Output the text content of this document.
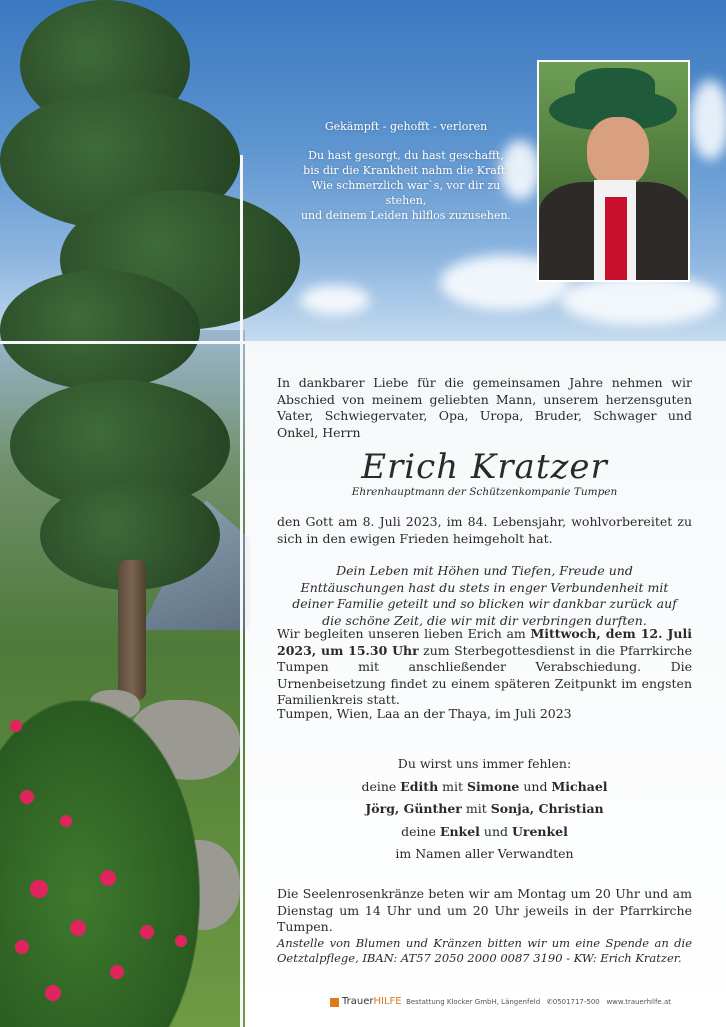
Gekämpft - gehofft - verloren
Du hast gesorgt, du hast geschafft,
bis dir die Krankheit nahm die Kraft.
Wie schmerzlich war`s, vor dir zu stehen,
und deinem Leiden hilflos zuzusehen.
In dankbarer Liebe für die gemeinsamen Jahre nehmen wir Abschied von meinem geliebten Mann, unserem herzensguten Vater, Schwiegervater, Opa, Uropa, Bruder, Schwager und Onkel, Herrn
Erich Kratzer
Ehrenhauptmann der Schützenkompanie Tumpen
den Gott am 8. Juli 2023, im 84. Lebensjahr, wohlvorbereitet zu sich in den ewigen Frieden heimgeholt hat.
Dein Leben mit Höhen und Tiefen, Freude und Enttäuschungen hast du stets in enger Verbundenheit mit deiner Familie geteilt und so blicken wir dankbar zurück auf die schöne Zeit, die wir mit dir verbringen durften.
Wir begleiten unseren lieben Erich am Mittwoch, dem 12. Juli 2023, um 15.30 Uhr zum Sterbegottesdienst in die Pfarrkirche Tumpen mit anschließender Verabschiedung. Die Urnenbeisetzung findet zu einem späteren Zeitpunkt im engsten Familienkreis statt.
Tumpen, Wien, Laa an der Thaya, im Juli 2023
Du wirst uns immer fehlen:
deine Edith mit Simone und Michael
Jörg, Günther mit Sonja, Christian
deine Enkel und Urenkel
im Namen aller Verwandten
Die Seelenrosenkränze beten wir am Montag um 20 Uhr und am Dienstag um 14 Uhr und um 20 Uhr jeweils in der Pfarrkirche Tumpen.
Anstelle von Blumen und Kränzen bitten wir um eine Spende an die Oetztalpflege, IBAN: AT57 2050 2000 0087 3190 - KW: Erich Kratzer.
TrauerHILFE Bestattung Klocker GmbH, Längenfeld ✆0501717-500 www.trauerhilfe.at
